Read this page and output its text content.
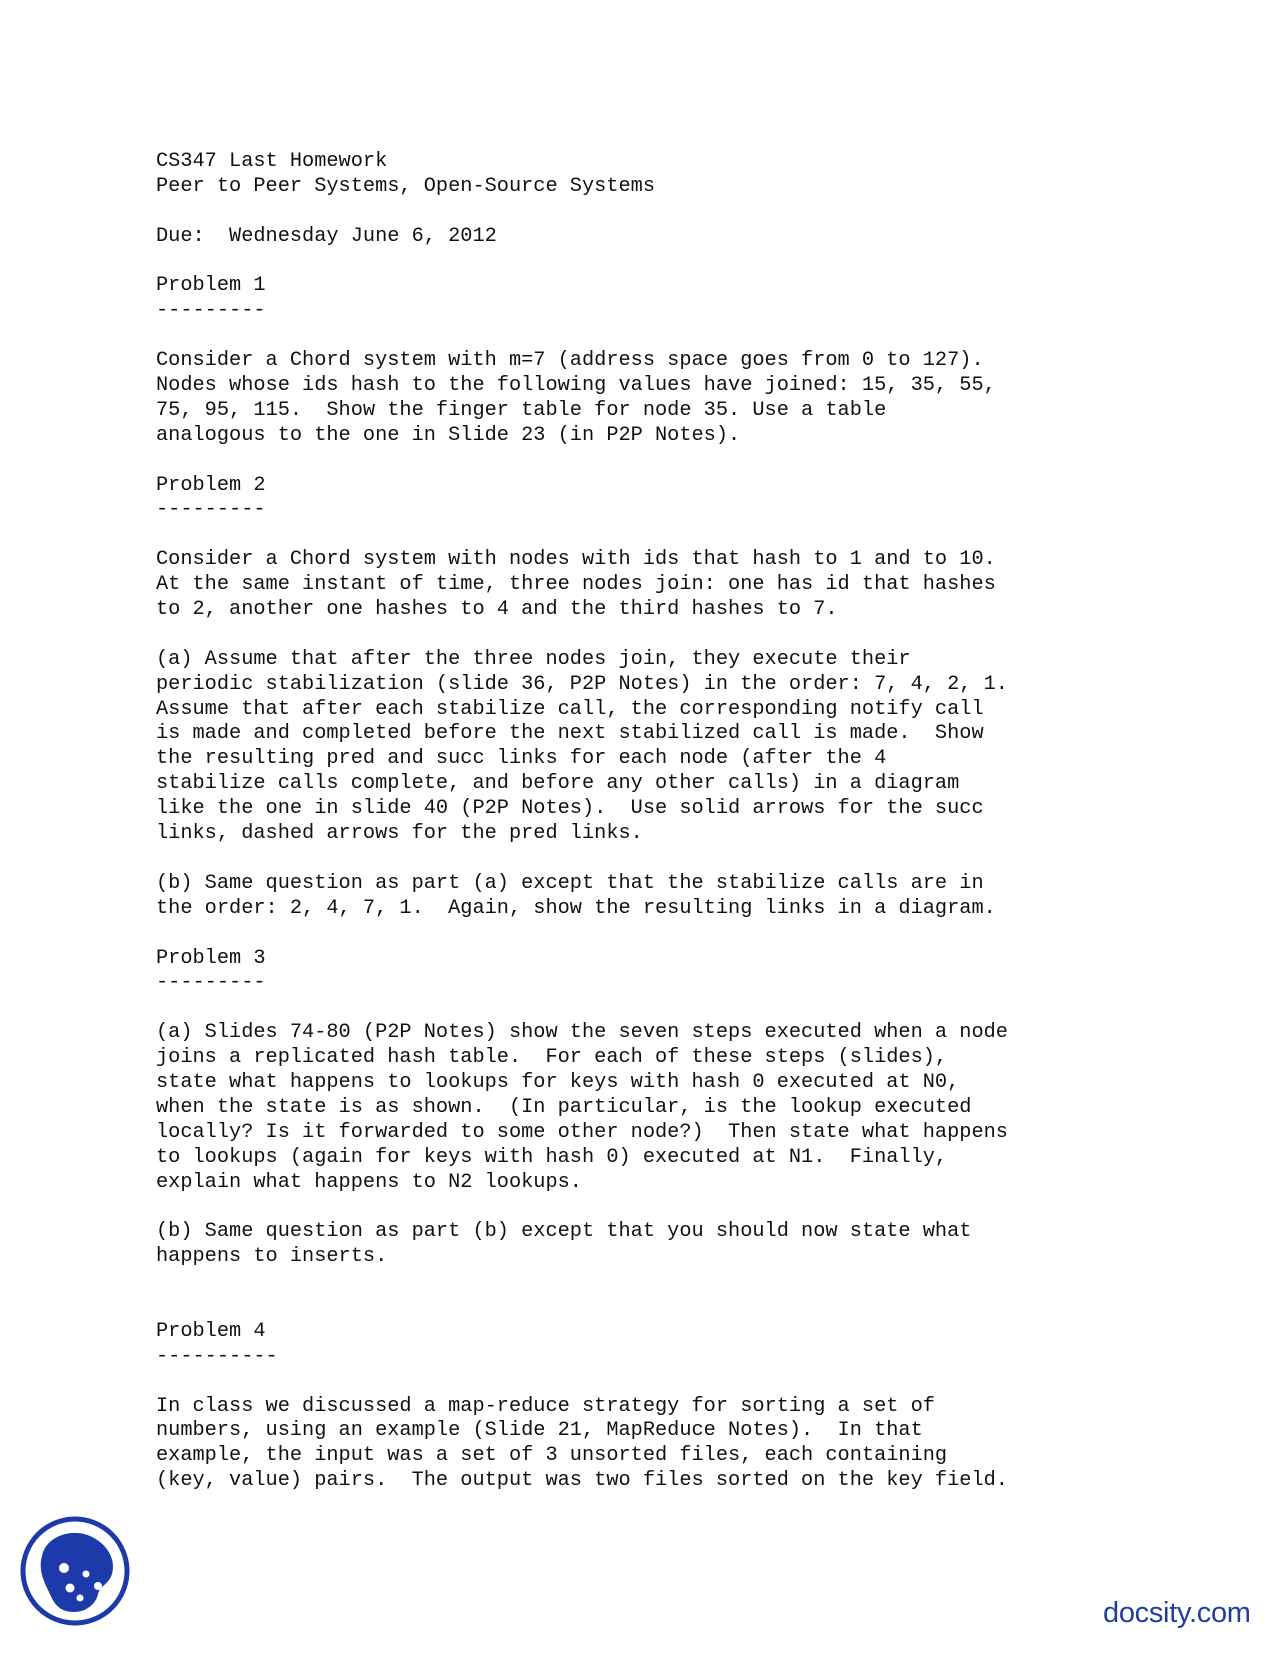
CS347 Last Homework
Peer to Peer Systems, Open-Source Systems
Due:  Wednesday June 6, 2012
Problem 1
---------
Consider a Chord system with m=7 (address space goes from 0 to 127).
Nodes whose ids hash to the following values have joined: 15, 35, 55,
75, 95, 115.  Show the finger table for node 35. Use a table
analogous to the one in Slide 23 (in P2P Notes).
Problem 2
---------
Consider a Chord system with nodes with ids that hash to 1 and to 10.
At the same instant of time, three nodes join: one has id that hashes
to 2, another one hashes to 4 and the third hashes to 7.
(a) Assume that after the three nodes join, they execute their
periodic stabilization (slide 36, P2P Notes) in the order: 7, 4, 2, 1.
Assume that after each stabilize call, the corresponding notify call
is made and completed before the next stabilized call is made.  Show
the resulting pred and succ links for each node (after the 4
stabilize calls complete, and before any other calls) in a diagram
like the one in slide 40 (P2P Notes).  Use solid arrows for the succ
links, dashed arrows for the pred links.
(b) Same question as part (a) except that the stabilize calls are in
the order: 2, 4, 7, 1.  Again, show the resulting links in a diagram.
Problem 3
---------
(a) Slides 74-80 (P2P Notes) show the seven steps executed when a node
joins a replicated hash table.  For each of these steps (slides),
state what happens to lookups for keys with hash 0 executed at N0,
when the state is as shown.  (In particular, is the lookup executed
locally? Is it forwarded to some other node?)  Then state what happens
to lookups (again for keys with hash 0) executed at N1.  Finally,
explain what happens to N2 lookups.
(b) Same question as part (b) except that you should now state what
happens to inserts.
Problem 4
----------
In class we discussed a map-reduce strategy for sorting a set of
numbers, using an example (Slide 21, MapReduce Notes).  In that
example, the input was a set of 3 unsorted files, each containing
(key, value) pairs.  The output was two files sorted on the key field.
docsity.com
